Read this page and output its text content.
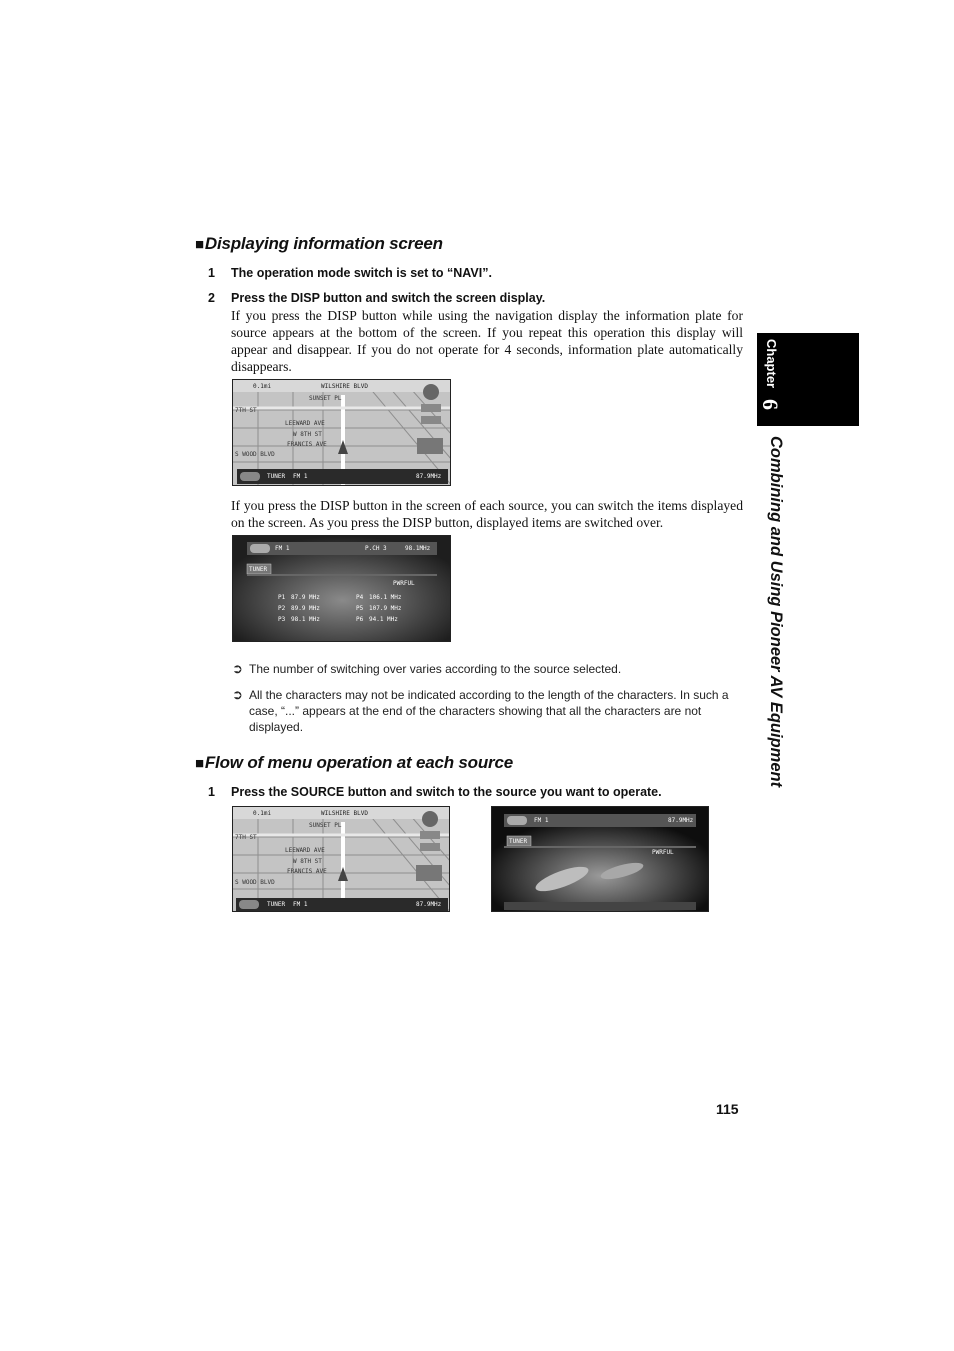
■Displaying information screen
1 The operation mode switch is set to “NAVI”.
2 Press the DISP button and switch the screen display.
If you press the DISP button while using the navigation display the information plate for source appears at the bottom of the screen. If you repeat this operation this display will appear and disappear. If you do not operate for 4 seconds, information plate automatically disappears.
0.1mi	WILSHIRE BLVD
SUNSET PL
7TH ST
LEEWARD AVE
W 8TH ST
FRANCIS AVE
S WOOD BLVD
TUNER FM 1	87.9MHz
If you press the DISP button in the screen of each source, you can switch the items displayed on the screen. As you press the DISP button, displayed items are switched over.
FM 1	P.CH 3	98.1MHz
TUNER
PWRFUL
P1 87.9 MHz	P4 106.1 MHz
P2 89.9 MHz	P5 107.9 MHz
P3 98.1 MHz	P6 94.1 MHz
➲ The number of switching over varies according to the source selected.
➲ All the characters may not be indicated according to the length of the characters. In such a case, “...” appears at the end of the characters showing that all the characters are not displayed.
■Flow of menu operation at each source
1 Press the SOURCE button and switch to the source you want to operate.
0.1mi	WILSHIRE BLVD
SUNSET PL
7TH ST
LEEWARD AVE
W 8TH ST
FRANCIS AVE
S WOOD BLVD
TUNER FM 1	87.9MHz
FM 1	87.9MHz
TUNER
PWRFUL
Chapter
6
Combining and Using Pioneer AV Equipment
115
